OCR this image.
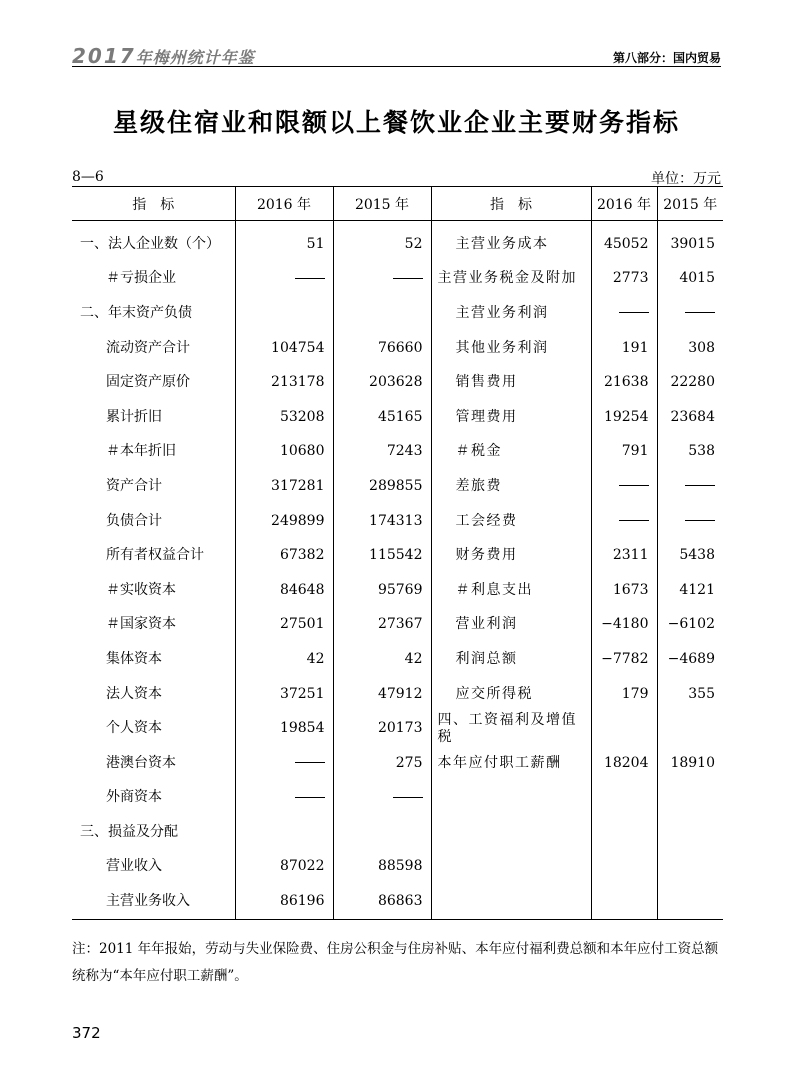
2017年梅州统计年鉴	第八部分：国内贸易
星级住宿业和限额以上餐饮业企业主要财务指标
8—6	单位：万元
指　标	2016 年	2015 年	指　标	2016 年	2015 年
一、法人企业数（个）	51	52	主营业务成本	45052	39015
＃亏损企业			主营业务税金及附加	2773	4015
二、年末资产负债			主营业务利润		
流动资产合计	104754	76660	其他业务利润	191	308
固定资产原价	213178	203628	销售费用	21638	22280
累计折旧	53208	45165	管理费用	19254	23684
＃本年折旧	10680	7243	＃税金	791	538
资产合计	317281	289855	差旅费		
负债合计	249899	174313	工会经费		
所有者权益合计	67382	115542	财务费用	2311	5438
＃实收资本	84648	95769	＃利息支出	1673	4121
＃国家资本	27501	27367	营业利润	−4180	−6102
集体资本	42	42	利润总额	−7782	−4689
法人资本	37251	47912	应交所得税	179	355
个人资本	19854	20173	四、工资福利及增值税		
港澳台资本		275	本年应付职工薪酬	18204	18910
外商资本					
三、损益及分配					
营业收入	87022	88598			
主营业务收入	86196	86863			
注：2011 年年报始，劳动与失业保险费、住房公积金与住房补贴、本年应付福利费总额和本年应付工资总额统称为“本年应付职工薪酬”。
372
